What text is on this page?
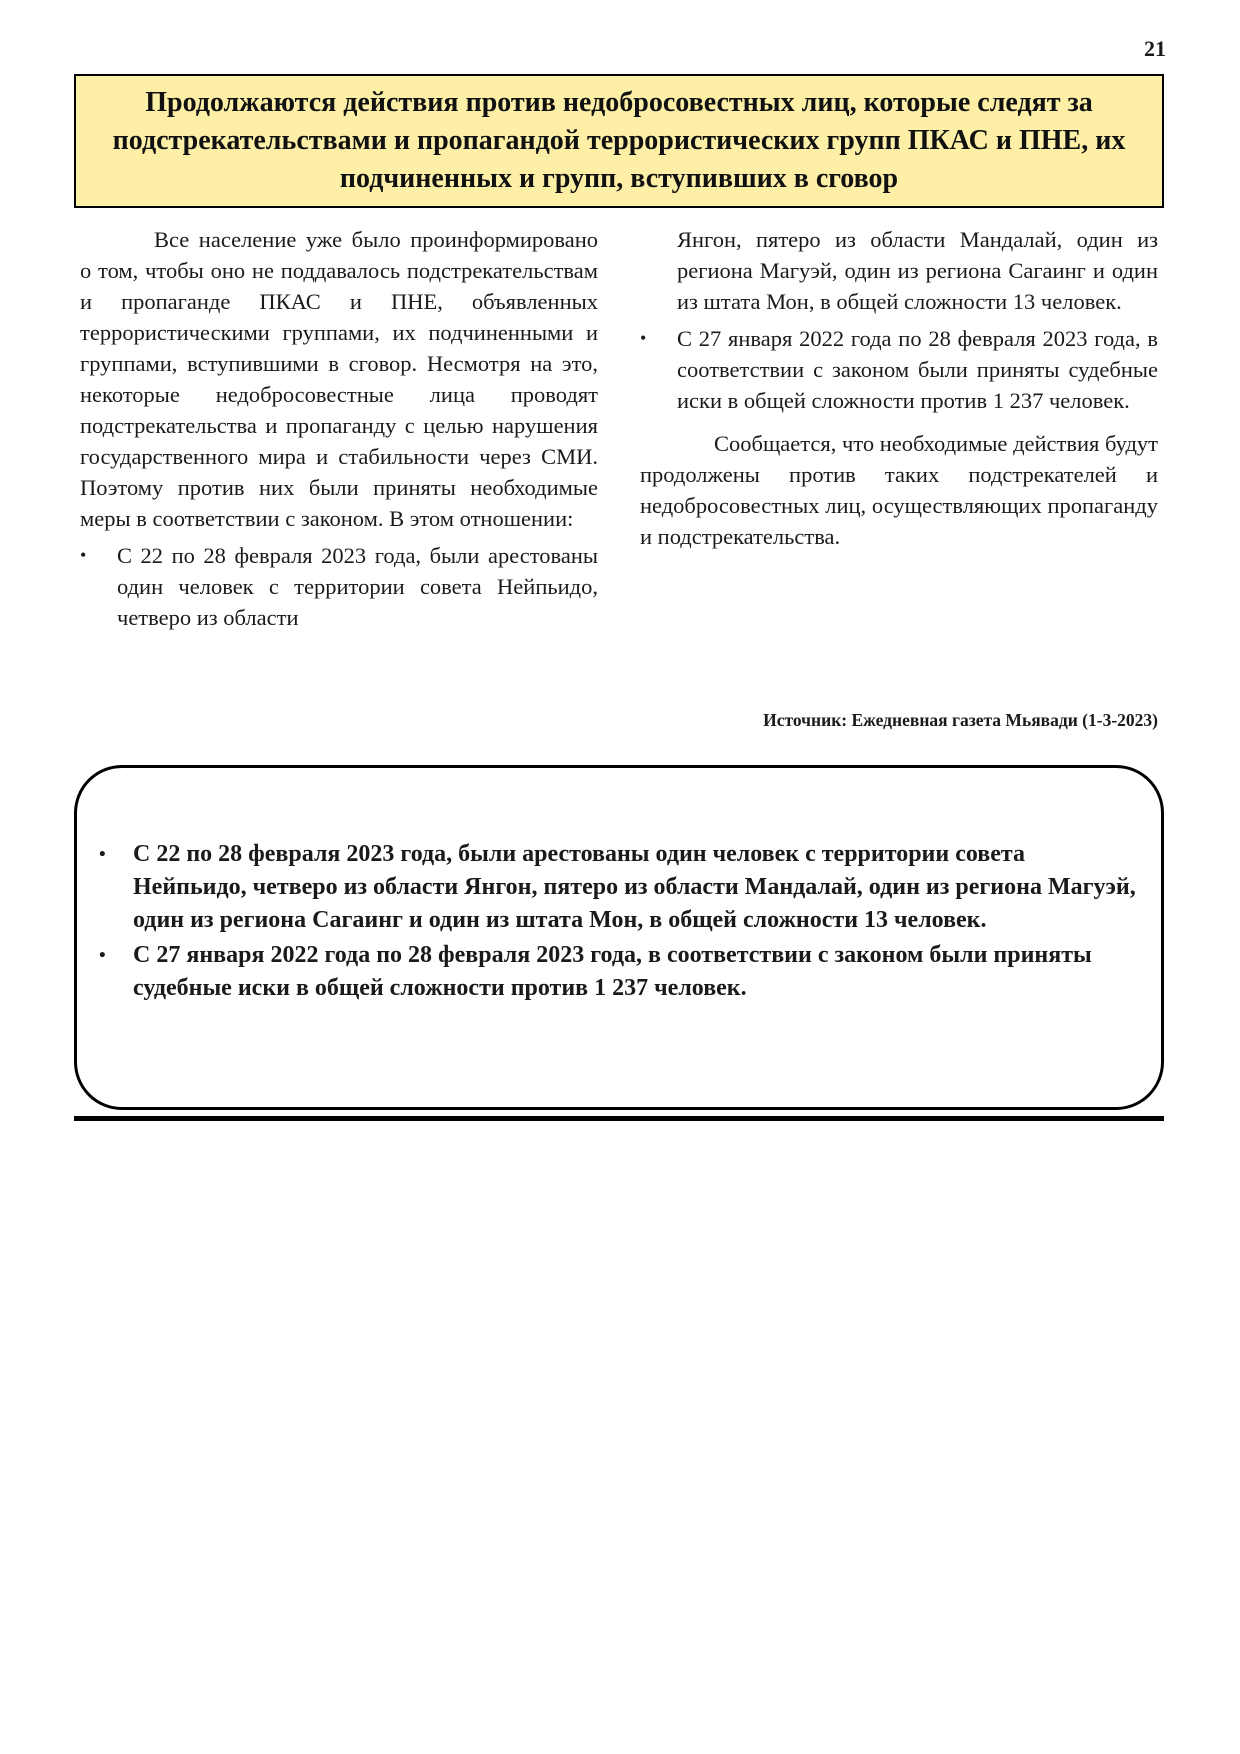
21
Продолжаются действия против недобросовестных лиц, которые следят за подстрекательствами и пропагандой террористических групп ПКАС и ПНЕ, их подчиненных и групп, вступивших в сговор

Все население уже было проинформировано о том, чтобы оно не поддавалось подстрекательствам и пропаганде ПКАС и ПНЕ, объявленных террористическими группами, их подчиненными и группами, вступившими в сговор. Несмотря на это, некоторые недобросовестные лица проводят подстрекательства и пропаганду с целью нарушения государственного мира и стабильности через СМИ. Поэтому против них были приняты необходимые меры в соответствии с законом. В этом отношении:

•	С 22 по 28 февраля 2023 года, были арестованы один человек с территории совета Нейпьидо, четверо из области

Янгон, пятеро из области Мандалай, один из региона Магуэй, один из региона Сагаинг и один из штата Мон, в общей сложности 13 человек.

•	С 27 января 2022 года по 28 февраля 2023 года, в соответствии с законом были приняты судебные иски в общей сложности против 1 237 человек.

Сообщается, что необходимые действия будут продолжены против таких подстрекателей и недобросовестных лиц, осуществляющих пропаганду и подстрекательства.

Источник: Ежедневная газета Мьявади (1-3-2023)
• С 22 по 28 февраля 2023 года, были арестованы один человек с территории совета Нейпьидо, четверо из области Янгон, пятеро из области Мандалай, один из региона Магуэй, один из региона Сагаинг и один из штата Мон, в общей сложности 13 человек.
• С 27 января 2022 года по 28 февраля 2023 года, в соответствии с законом были приняты судебные иски в общей сложности против 1 237 человек.
